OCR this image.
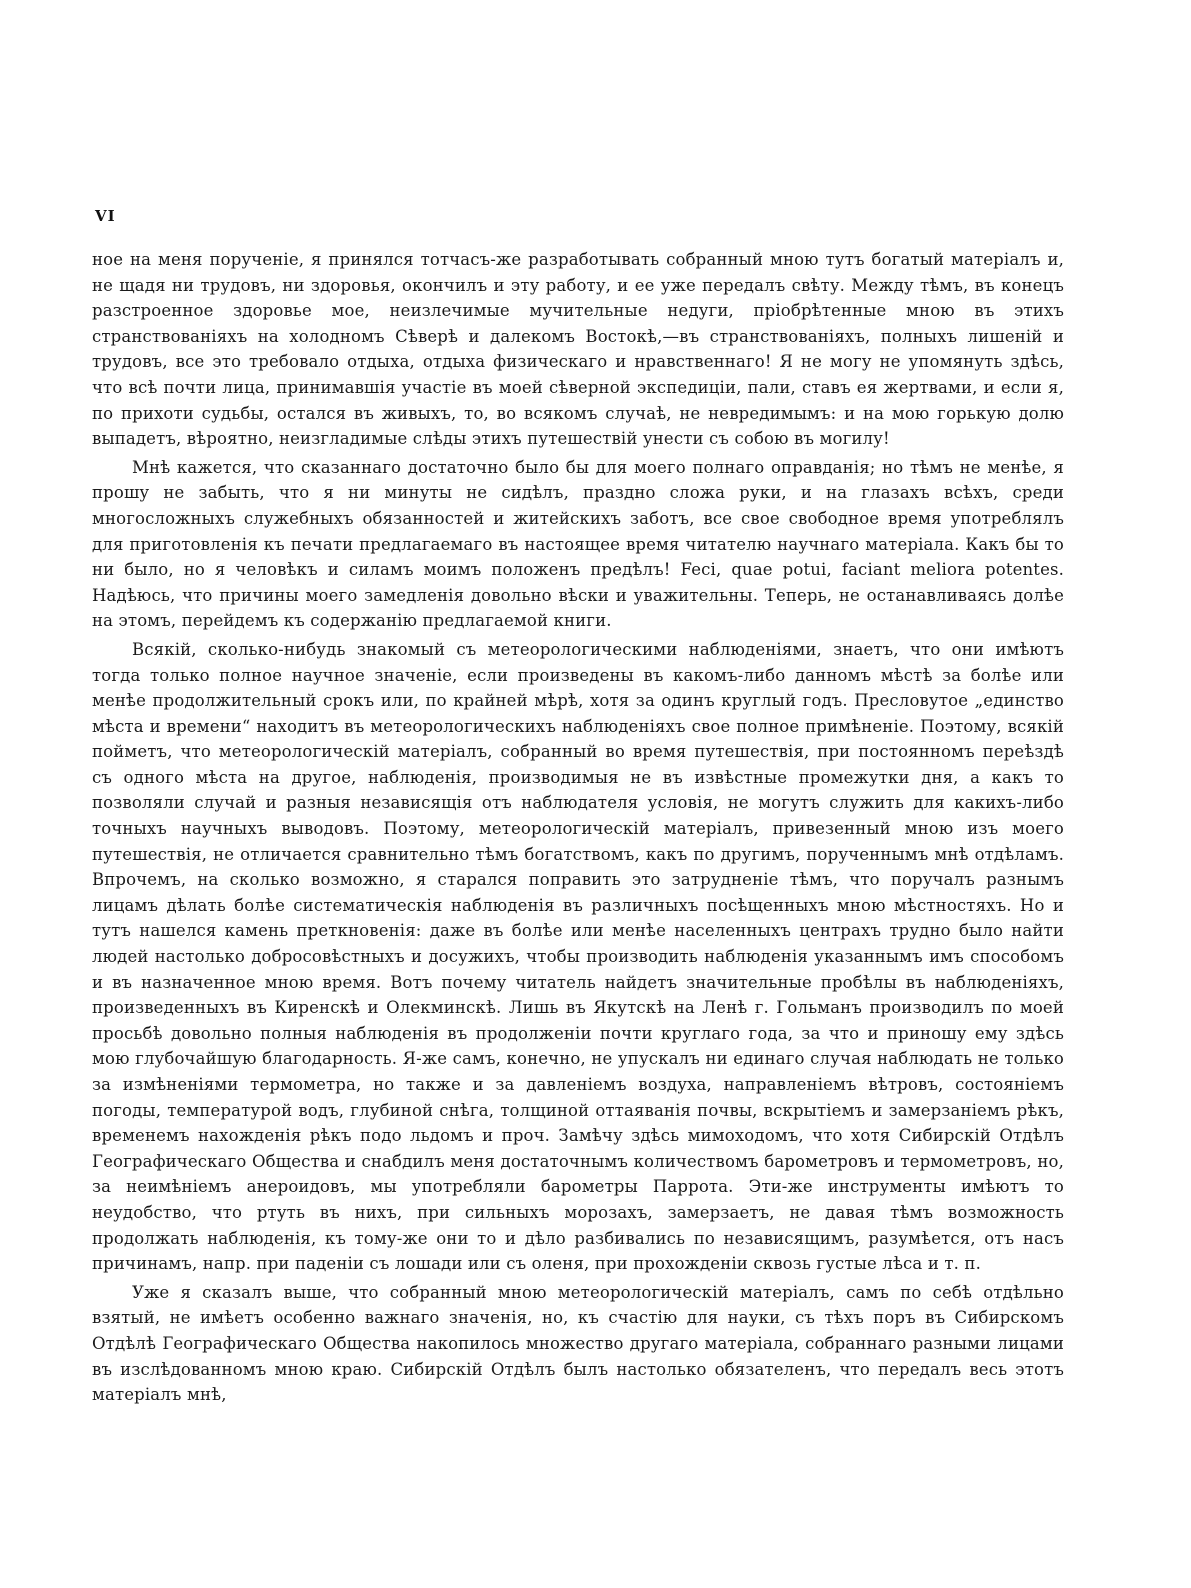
VI

ное на меня порученіе, я принялся тотчасъ-же разработывать собранный мною тутъ богатый матеріалъ и, не щадя ни трудовъ, ни здоровья, окончилъ и эту работу, и ее уже передалъ свѣту. Между тѣмъ, въ конецъ разстроенное здоровье мое, неизлечимые мучительные недуги, пріобрѣтенные мною въ этихъ странствованіяхъ на холодномъ Сѣверѣ и далекомъ Востокѣ,—въ странствованіяхъ, полныхъ лишеній и трудовъ, все это требовало отдыха, отдыха физическаго и нравственнаго! Я не могу не упомянуть здѣсь, что всѣ почти лица, принимавшія участіе въ моей сѣверной экспедиціи, пали, ставъ ея жертвами, и если я, по прихоти судьбы, остался въ живыхъ, то, во всякомъ случаѣ, не невредимымъ: и на мою горькую долю выпадетъ, вѣроятно, неизгладимые слѣды этихъ путешествій унести съ собою въ могилу!

Мнѣ кажется, что сказаннаго достаточно было бы для моего полнаго оправданія; но тѣмъ не менѣе, я прошу не забыть, что я ни минуты не сидѣлъ, праздно сложа руки, и на глазахъ всѣхъ, среди многосложныхъ служебныхъ обязанностей и житейскихъ заботъ, все свое свободное время употреблялъ для приготовленія къ печати предлагаемаго въ настоящее время читателю научнаго матеріала. Какъ бы то ни было, но я человѣкъ и силамъ моимъ положенъ предѣлъ! Feci, quae potui, faciant meliora potentes. Надѣюсь, что причины моего замедленія довольно вѣски и уважительны. Теперь, не останавливаясь долѣе на этомъ, перейдемъ къ содержанію предлагаемой книги.

Всякій, сколько-нибудь знакомый съ метеорологическими наблюденіями, знаетъ, что они имѣютъ тогда только полное научное значеніе, если произведены въ какомъ-либо данномъ мѣстѣ за болѣе или менѣе продолжительный срокъ или, по крайней мѣрѣ, хотя за одинъ круглый годъ. Пресловутое „единство мѣста и времени“ находитъ въ метеорологическихъ наблюденіяхъ свое полное примѣненіе. Поэтому, всякій пойметъ, что метеорологическій матеріалъ, собранный во время путешествія, при постоянномъ переѣздѣ съ одного мѣста на другое, наблюденія, производимыя не въ извѣстные промежутки дня, а какъ то позволяли случай и разныя независящія отъ наблюдателя условія, не могутъ служить для какихъ-либо точныхъ научныхъ выводовъ. Поэтому, метеорологическій матеріалъ, привезенный мною изъ моего путешествія, не отличается сравнительно тѣмъ богатствомъ, какъ по другимъ, порученнымъ мнѣ отдѣламъ. Впрочемъ, на сколько возможно, я старался поправить это затрудненіе тѣмъ, что поручалъ разнымъ лицамъ дѣлать болѣе систематическія наблюденія въ различныхъ посѣщенныхъ мною мѣстностяхъ. Но и тутъ нашелся камень преткновенія: даже въ болѣе или менѣе населенныхъ центрахъ трудно было найти людей настолько добросовѣстныхъ и досужихъ, чтобы производить наблюденія указаннымъ имъ способомъ и въ назначенное мною время. Вотъ почему читатель найдетъ значительные пробѣлы въ наблюденіяхъ, произведенныхъ въ Киренскѣ и Олекминскѣ. Лишь въ Якутскѣ на Ленѣ г. Гольманъ производилъ по моей просьбѣ довольно полныя наблюденія въ продолженіи почти круглаго года, за что и приношу ему здѣсь мою глубочайшую благодарность. Я-же самъ, конечно, не упускалъ ни единаго случая наблюдать не только за измѣненіями термометра, но также и за давленіемъ воздуха, направленіемъ вѣтровъ, состояніемъ погоды, температурой водъ, глубиной снѣга, толщиной оттаяванія почвы, вскрытіемъ и замерзаніемъ рѣкъ, временемъ нахожденія рѣкъ подо льдомъ и проч. Замѣчу здѣсь мимоходомъ, что хотя Сибирскій Отдѣлъ Географическаго Общества и снабдилъ меня достаточнымъ количествомъ барометровъ и термометровъ, но, за неимѣніемъ анероидовъ, мы употребляли барометры Паррота. Эти-же инструменты имѣютъ то неудобство, что ртуть въ нихъ, при сильныхъ морозахъ, замерзаетъ, не давая тѣмъ возможность продолжать наблюденія, къ тому-же они то и дѣло разбивались по независящимъ, разумѣется, отъ насъ причинамъ, напр. при паденіи съ лошади или съ оленя, при прохожденіи сквозь густые лѣса и т. п.

Уже я сказалъ выше, что собранный мною метеорологическій матеріалъ, самъ по себѣ отдѣльно взятый, не имѣетъ особенно важнаго значенія, но, къ счастію для науки, съ тѣхъ поръ въ Сибирскомъ Отдѣлѣ Географическаго Общества накопилось множество другаго матеріала, собраннаго разными лицами въ изслѣдованномъ мною краю. Сибирскій Отдѣлъ былъ настолько обязателенъ, что передалъ весь этотъ матеріалъ мнѣ,
